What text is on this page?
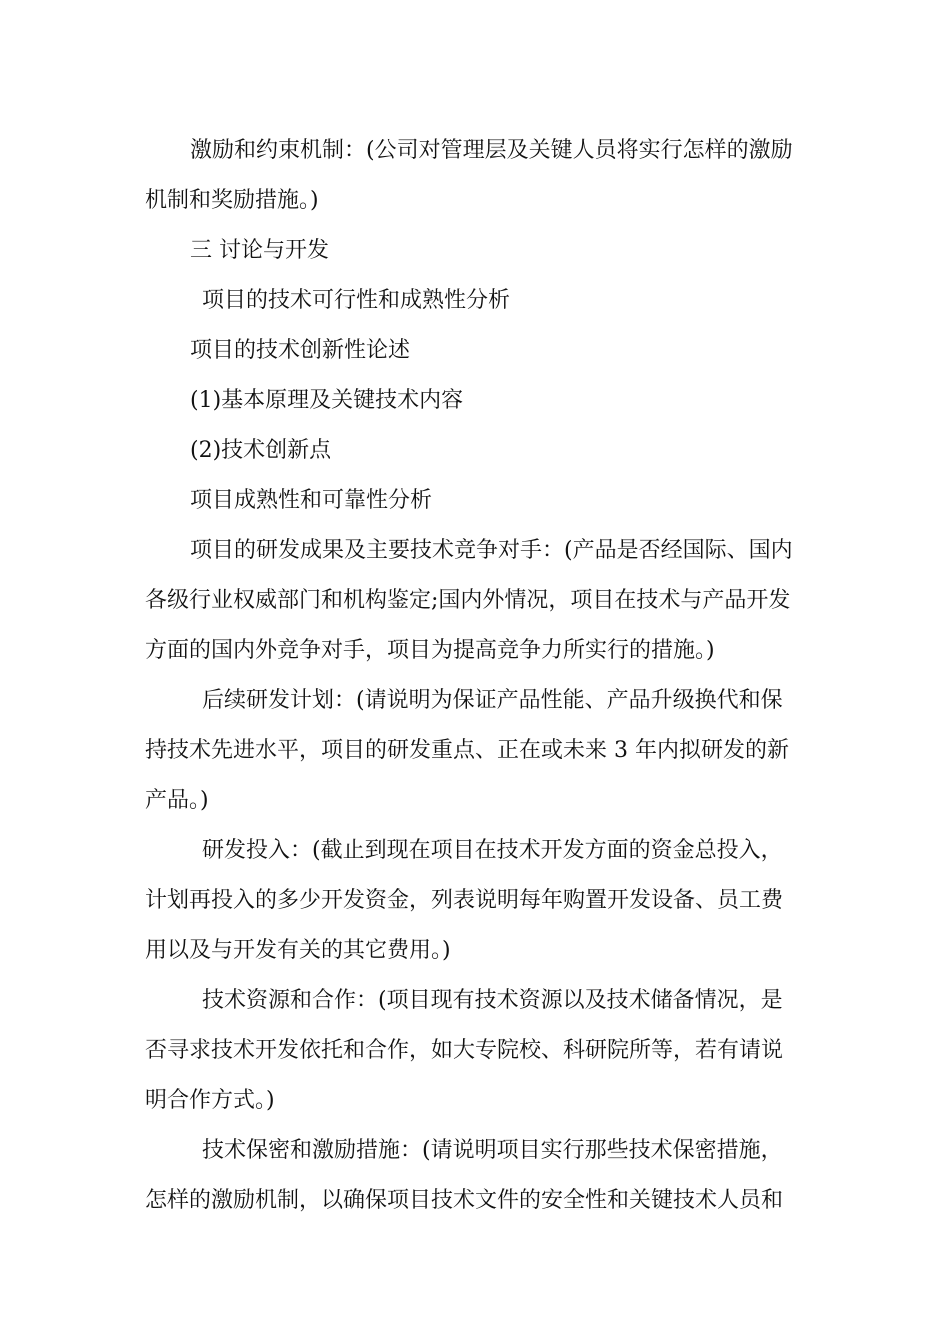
激励和约束机制：(公司对管理层及关键人员将实行怎样的激励
机制和奖励措施。)
三 讨论与开发
项目的技术可行性和成熟性分析
项目的技术创新性论述
(1)基本原理及关键技术内容
(2)技术创新点
项目成熟性和可靠性分析
项目的研发成果及主要技术竞争对手：(产品是否经国际、国内
各级行业权威部门和机构鉴定;国内外情况，项目在技术与产品开发
方面的国内外竞争对手，项目为提高竞争力所实行的措施。)
后续研发计划：(请说明为保证产品性能、产品升级换代和保
持技术先进水平，项目的研发重点、正在或未来 3 年内拟研发的新
产品。)
研发投入：(截止到现在项目在技术开发方面的资金总投入，
计划再投入的多少开发资金，列表说明每年购置开发设备、员工费
用以及与开发有关的其它费用。)
技术资源和合作：(项目现有技术资源以及技术储备情况，是
否寻求技术开发依托和合作，如大专院校、科研院所等，若有请说
明合作方式。)
技术保密和激励措施：(请说明项目实行那些技术保密措施，
怎样的激励机制，以确保项目技术文件的安全性和关键技术人员和
